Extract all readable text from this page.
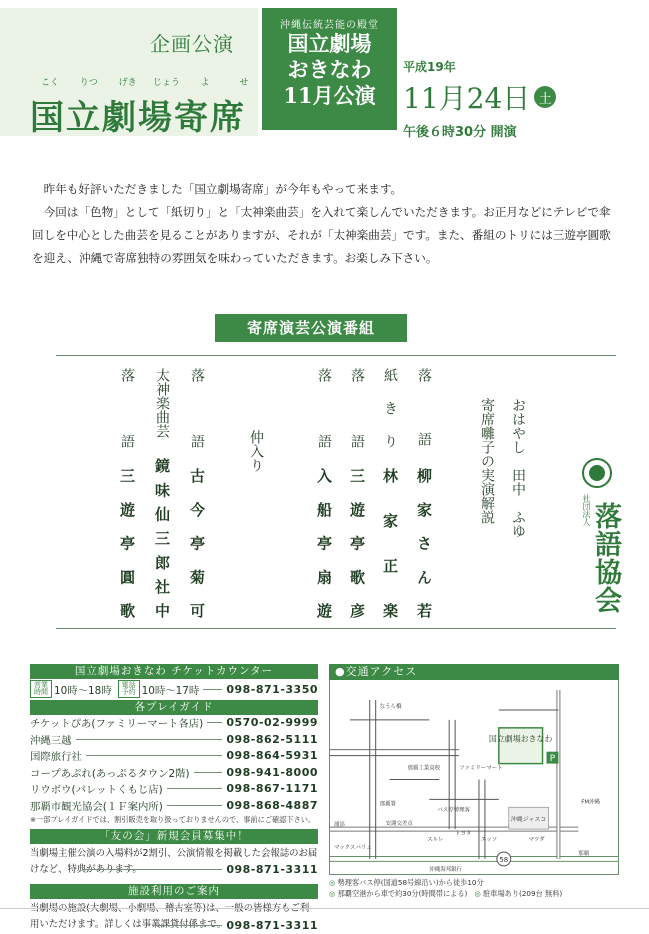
企画公演
こく	りつ	げき	じょう	よ	せ
国立劇場寄席
沖縄伝統芸能の殿堂
国立劇場
おきなわ
11月公演
平成19年
11月24日 土
午後６時30分 開演

昨年も好評いただきました「国立劇場寄席」が今年もやって来ます。

今回は「色物」として「紙切り」と「太神楽曲芸」を入れて楽しんでいただきます。お正月などにテレビで傘回しを中心とした曲芸を見ることがありますが、それが「太神楽曲芸」です。また、番組のトリには三遊亭圓歌を迎え、沖縄で寄席独特の雰囲気を味わっていただきます。お楽しみ下さい。

寄席演芸公演番組
落語
柳家さん若
紙きり
林家正楽
落語
三遊亭歌彦
落語
入船亭扇遊
仲入り
落語
古今亭菊可
太神楽曲芸
鏡味仙三郎社中
落語
三遊亭圓歌	おはやし　田中　ふゆ
寄席囃子の実演解説	社団法人 落語協会
国立劇場おきなわ チケットカウンター
営業時間 10時〜18時	電話予約 10時〜17時 098-871-3350
各プレイガイド
チケットぴあ(ファミリーマート各店) 0570-02-9999
沖縄三越	098-862-5111
国際旅行社	098-864-5931
コープあぷれ(あっぷるタウン2階)	098-941-8000
リウボウ(パレットくもじ店)	098-867-1171
那覇市観光協会(１Ｆ案内所)	098-868-4887
※一部プレイガイドでは、割引販売を取り扱っておりませんので、事前にご確認下さい。
「友の会」新規会員募集中！
当劇場主催公演の入場料が2割引、公演情報を掲載した会報誌のお届けなど、特典があります。	098-871-3311
施設利用のご案内
当劇場の施設(大劇場、小劇場、稽古室等)は、一般の皆様方もご利用いただけます。詳しくは事業課貸付係まで。 098-871-3311
●交通アクセス
国立劇場おきなわ
P
沖縄ジャスコ
58
なうら橋
那覇工業高校	ファミリーマート
那覇署
バス停勢理客
FM沖縄
安謝交差点
スルレ
トヨタ
エッソ	マツダ
マックスバリュ
浦添
那覇
沖縄海邦銀行
◎ 勢理客バス停(国道58号線沿い)から徒歩10分
◎ 那覇空港から車で約30分(時間帯による)　◎ 駐車場あり(209台 無料)
